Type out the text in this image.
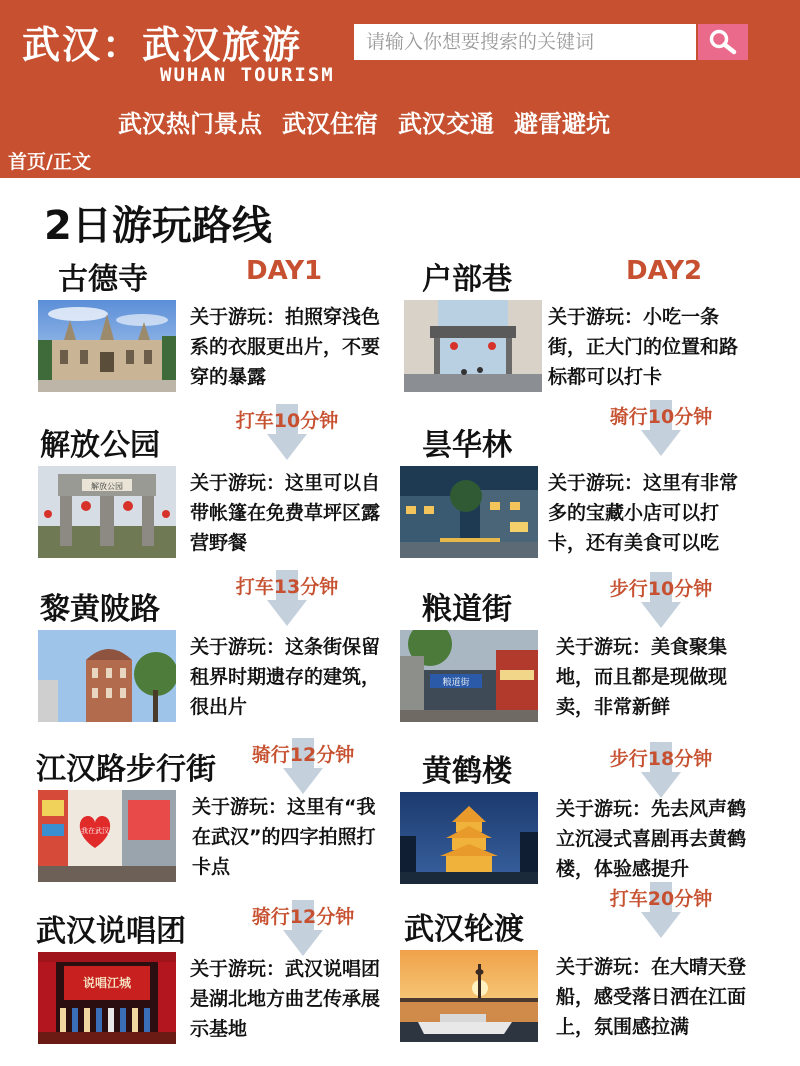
武汉：武汉旅游
WUHAN TOURISM
请输入你想要搜索的关键词
武汉热门景点 武汉住宿 武汉交通 避雷避坑
首页/正文
2日游玩路线
DAY1
古德寺
关于游玩：拍照穿浅色系的衣服更出片，不要穿的暴露
打车10分钟
解放公园
解放公园	关于游玩：这里可以自带帐篷在免费草坪区露营野餐
打车13分钟
黎黄陂路
关于游玩：这条街保留租界时期遗存的建筑，很出片
骑行12分钟
江汉路步行街
我在武汉
关于游玩：这里有“我在武汉”的四字拍照打卡点
骑行12分钟
武汉说唱团
说唱江城
关于游玩：武汉说唱团是湖北地方曲艺传承展示基地
DAY2
户部巷
关于游玩：小吃一条街，正大门的位置和路标都可以打卡
骑行10分钟
昙华林
关于游玩：这里有非常多的宝藏小店可以打卡，还有美食可以吃
步行10分钟
粮道街
粮道街
关于游玩：美食聚集地，而且都是现做现卖，非常新鲜
步行18分钟
黄鹤楼
关于游玩：先去风声鹤立沉浸式喜剧再去黄鹤楼，体验感提升
打车20分钟
武汉轮渡
关于游玩：在大晴天登船，感受落日洒在江面上，氛围感拉满
